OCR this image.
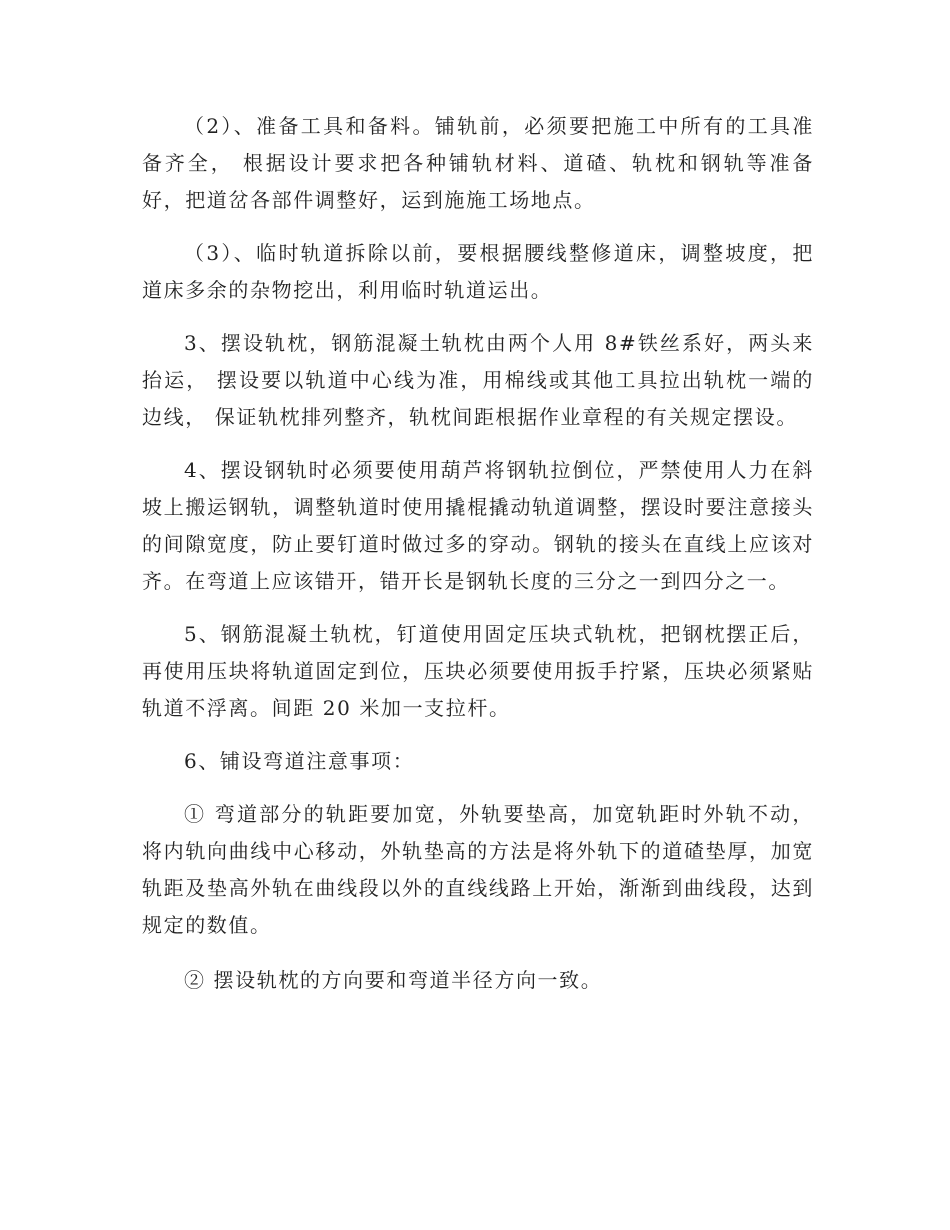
（2）、准备工具和备料。铺轨前，必须要把施工中所有的工具准备齐全， 根据设计要求把各种铺轨材料、道碴、轨枕和钢轨等准备好，把道岔各部件调整好，运到施施工场地点。

（3）、临时轨道拆除以前，要根据腰线整修道床，调整坡度，把道床多余的杂物挖出，利用临时轨道运出。

3、摆设轨枕，钢筋混凝土轨枕由两个人用 8#铁丝系好，两头来抬运， 摆设要以轨道中心线为准，用棉线或其他工具拉出轨枕一端的边线， 保证轨枕排列整齐，轨枕间距根据作业章程的有关规定摆设。

4、摆设钢轨时必须要使用葫芦将钢轨拉倒位，严禁使用人力在斜坡上搬运钢轨，调整轨道时使用撬棍撬动轨道调整，摆设时要注意接头的间隙宽度，防止要钉道时做过多的穿动。钢轨的接头在直线上应该对齐。在弯道上应该错开，错开长是钢轨长度的三分之一到四分之一。

5、钢筋混凝土轨枕，钉道使用固定压块式轨枕，把钢枕摆正后，再使用压块将轨道固定到位，压块必须要使用扳手拧紧，压块必须紧贴轨道不浮离。间距 20 米加一支拉杆。

6、铺设弯道注意事项：

① 弯道部分的轨距要加宽，外轨要垫高，加宽轨距时外轨不动，将内轨向曲线中心移动，外轨垫高的方法是将外轨下的道碴垫厚，加宽轨距及垫高外轨在曲线段以外的直线线路上开始，渐渐到曲线段，达到规定的数值。

② 摆设轨枕的方向要和弯道半径方向一致。
